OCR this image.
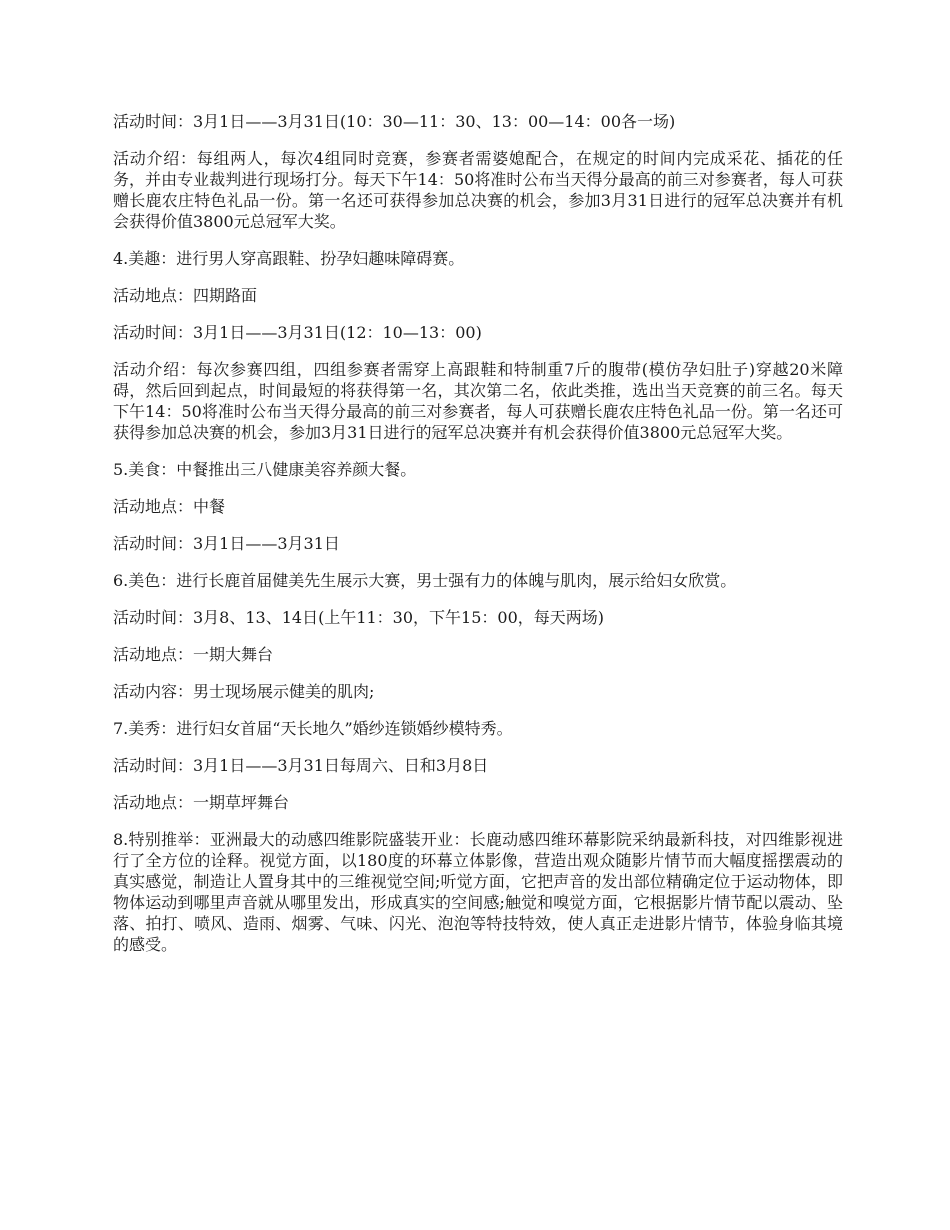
活动时间：3月1日——3月31日(10：30—11：30、13：00—14：00各一场)

活动介绍：每组两人，每次4组同时竞赛，参赛者需婆媳配合，在规定的时间内完成采花、插花的任务，并由专业裁判进行现场打分。每天下午14：50将准时公布当天得分最高的前三对参赛者，每人可获赠长鹿农庄特色礼品一份。第一名还可获得参加总决赛的机会，参加3月31日进行的冠军总决赛并有机会获得价值3800元总冠军大奖。

4.美趣：进行男人穿高跟鞋、扮孕妇趣味障碍赛。

活动地点：四期路面

活动时间：3月1日——3月31日(12：10—13：00)

活动介绍：每次参赛四组，四组参赛者需穿上高跟鞋和特制重7斤的腹带(模仿孕妇肚子)穿越20米障碍，然后回到起点，时间最短的将获得第一名，其次第二名，依此类推，选出当天竞赛的前三名。每天下午14：50将准时公布当天得分最高的前三对参赛者，每人可获赠长鹿农庄特色礼品一份。第一名还可获得参加总决赛的机会，参加3月31日进行的冠军总决赛并有机会获得价值3800元总冠军大奖。

5.美食：中餐推出三八健康美容养颜大餐。

活动地点：中餐

活动时间：3月1日——3月31日

6.美色：进行长鹿首届健美先生展示大赛，男士强有力的体魄与肌肉，展示给妇女欣赏。

活动时间：3月8、13、14日(上午11：30，下午15：00，每天两场)

活动地点：一期大舞台

活动内容：男士现场展示健美的肌肉;

7.美秀：进行妇女首届“天长地久”婚纱连锁婚纱模特秀。

活动时间：3月1日——3月31日每周六、日和3月8日

活动地点：一期草坪舞台

8.特别推举：亚洲最大的动感四维影院盛装开业：长鹿动感四维环幕影院采纳最新科技，对四维影视进行了全方位的诠释。视觉方面，以180度的环幕立体影像，营造出观众随影片情节而大幅度摇摆震动的真实感觉，制造让人置身其中的三维视觉空间;听觉方面，它把声音的发出部位精确定位于运动物体，即物体运动到哪里声音就从哪里发出，形成真实的空间感;触觉和嗅觉方面，它根据影片情节配以震动、坠落、拍打、喷风、造雨、烟雾、气味、闪光、泡泡等特技特效，使人真正走进影片情节，体验身临其境的感受。
